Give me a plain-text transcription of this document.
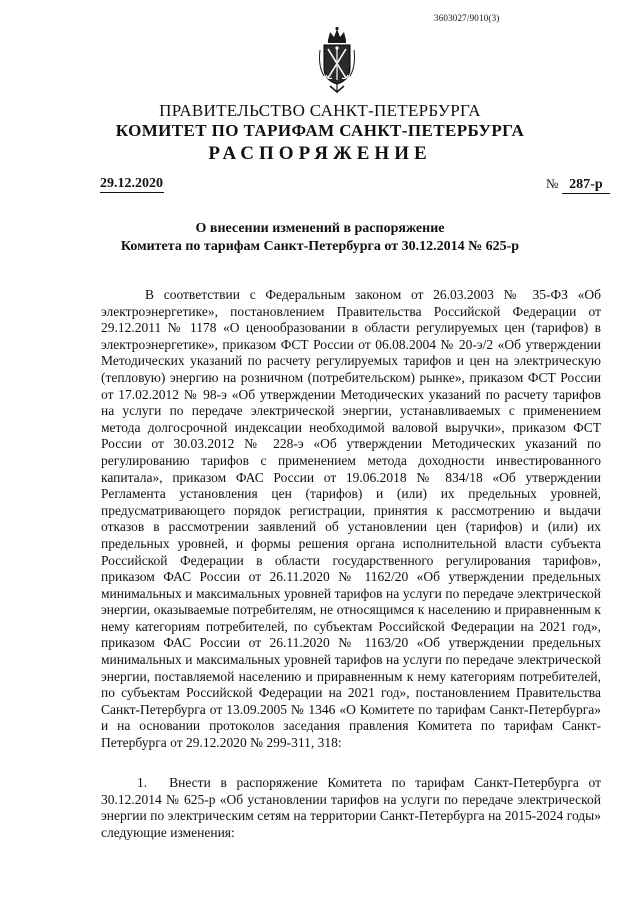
3603027/9010(3)
ПРАВИТЕЛЬСТВО САНКТ-ПЕТЕРБУРГА
КОМИТЕТ ПО ТАРИФАМ САНКТ-ПЕТЕРБУРГА
РАСПОРЯЖЕНИЕ
29.12.2020	№ 287-р
О внесении изменений в распоряжение
Комитета по тарифам Санкт-Петербурга от 30.12.2014 № 625-р
В соответствии с Федеральным законом от 26.03.2003 № 35-ФЗ «Об электроэнергетике», постановлением Правительства Российской Федерации от 29.12.2011 № 1178 «О ценообразовании в области регулируемых цен (тарифов) в электроэнергетике», приказом ФСТ России от 06.08.2004 № 20-э/2 «Об утверждении Методических указаний по расчету регулируемых тарифов и цен на электрическую (тепловую) энергию на розничном (потребительском) рынке», приказом ФСТ России от 17.02.2012 № 98-э «Об утверждении Методических указаний по расчету тарифов на услуги по передаче электрической энергии, устанавливаемых с применением метода долгосрочной индексации необходимой валовой выручки», приказом ФСТ России от 30.03.2012 № 228-э «Об утверждении Методических указаний по регулированию тарифов с применением метода доходности инвестированного капитала», приказом ФАС России от 19.06.2018 № 834/18 «Об утверждении Регламента установления цен (тарифов) и (или) их предельных уровней, предусматривающего порядок регистрации, принятия к рассмотрению и выдачи отказов в рассмотрении заявлений об установлении цен (тарифов) и (или) их предельных уровней, и формы решения органа исполнительной власти субъекта Российской Федерации в области государственного регулирования тарифов», приказом ФАС России от 26.11.2020 № 1162/20 «Об утверждении предельных минимальных и максимальных уровней тарифов на услуги по передаче электрической энергии, оказываемые потребителям, не относящимся к населению и приравненным к нему категориям потребителей, по субъектам Российской Федерации на 2021 год», приказом ФАС России от 26.11.2020 № 1163/20 «Об утверждении предельных минимальных и максимальных уровней тарифов на услуги по передаче электрической энергии, поставляемой населению и приравненным к нему категориям потребителей, по субъектам Российской Федерации на 2021 год», постановлением Правительства Санкт-Петербурга от 13.09.2005 № 1346 «О Комитете по тарифам Санкт-Петербурга» и на основании протоколов заседания правления Комитета по тарифам Санкт-Петербурга от 29.12.2020 № 299-311, 318:
1. Внести в распоряжение Комитета по тарифам Санкт-Петербурга от 30.12.2014 № 625-р «Об установлении тарифов на услуги по передаче электрической энергии по электрическим сетям на территории Санкт-Петербурга на 2015-2024 годы» следующие изменения:
